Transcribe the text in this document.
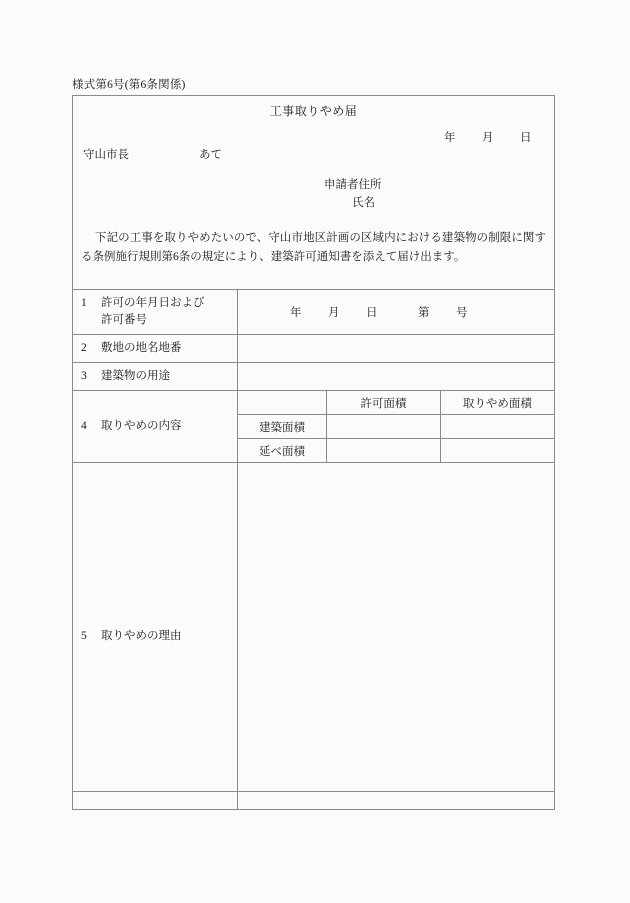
様式第6号(第6条関係)
工事取りやめ届
年 月 日
守山市長	あて
申請者住所
氏名
下記の工事を取りやめたいので、守山市地区計画の区域内における建築物の制限に関する条例施行規則第6条の規定により、建築許可通知書を添えて届け出ます。
1 許可の年月日および
許可番号
	年 月 日	第 号
2 敷地の地名地番	
3 建築物の用途	
4 取りやめの内容	
	許可面積	取りやめ面積
建築面積		
延べ面積		

5 取りやめの理由	
